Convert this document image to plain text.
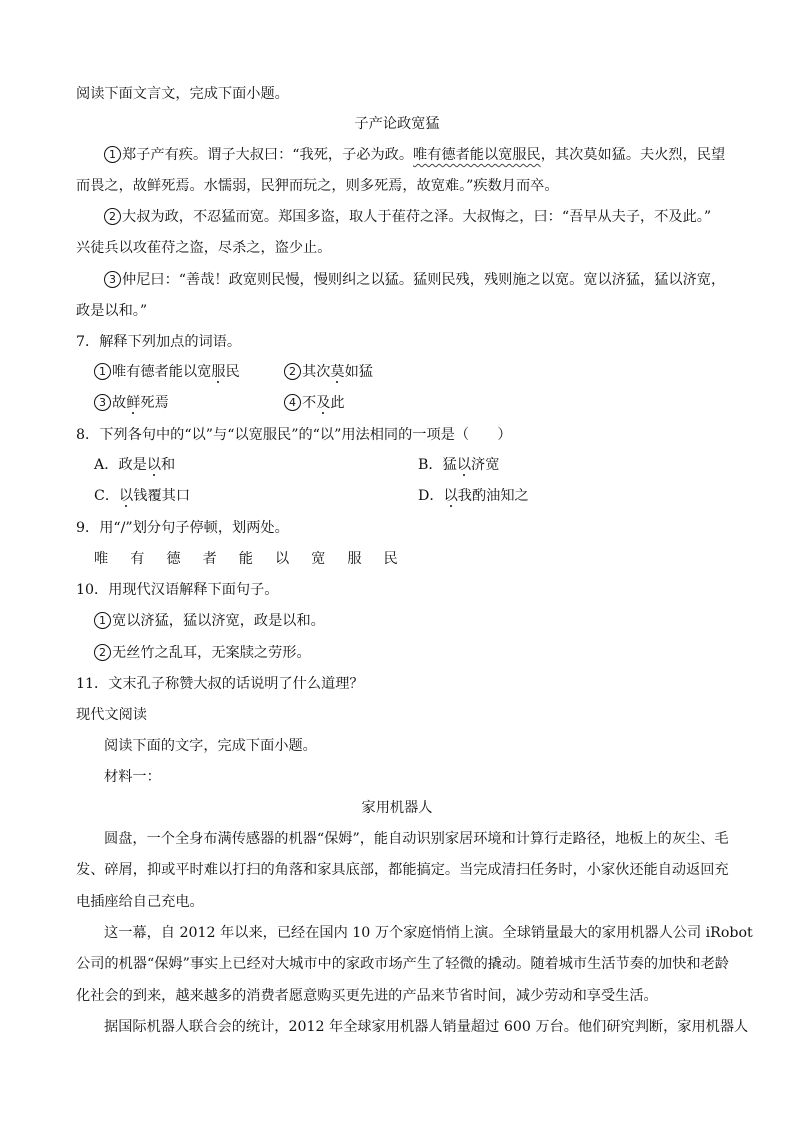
阅读下面文言文，完成下面小题。
子产论政宽猛
1 郑子产有疾。谓子大叔曰：“我死，子必为政。唯有德者能以宽服民，其次莫如猛。夫火烈，民望
而畏之，故鲜死焉。水懦弱，民狎而玩之，则多死焉，故宽难。”疾数月而卒。
2 大叔为政，不忍猛而宽。郑国多盗，取人于萑苻之泽。大叔悔之，曰：“吾早从夫子，不及此。”
兴徒兵以攻萑苻之盗，尽杀之，盗少止。
3 仲尼曰：“善哉！政宽则民慢，慢则纠之以猛。猛则民残，残则施之以宽。宽以济猛，猛以济宽，
政是以和。”
7．解释下列加点的词语。
1 唯有德者能以宽服民	2 其次莫如猛
3 故鲜死焉	4 不及此
8．下列各句中的“以”与“以宽服民”的“以”用法相同的一项是（　　）
A．政是以和	B．猛以济宽
C．以钱覆其口	D．以我酌油知之
9．用“/”划分句子停顿，划两处。
唯有德者能以宽服民
10．用现代汉语解释下面句子。
1 宽以济猛，猛以济宽，政是以和。
2 无丝竹之乱耳，无案牍之劳形。
11．文末孔子称赞大叔的话说明了什么道理？
现代文阅读
阅读下面的文字，完成下面小题。
材料一：
家用机器人
圆盘，一个全身布满传感器的机器“保姆”，能自动识别家居环境和计算行走路径，地板上的灰尘、毛
发、碎屑，抑或平时难以打扫的角落和家具底部，都能搞定。当完成清扫任务时，小家伙还能自动返回充
电插座给自己充电。
这一幕，自 2012 年以来，已经在国内 10 万个家庭悄悄上演。全球销量最大的家用机器人公司 iRobot
公司的机器“保姆”事实上已经对大城市中的家政市场产生了轻微的撬动。随着城市生活节奏的加快和老龄
化社会的到来，越来越多的消费者愿意购买更先进的产品来节省时间，减少劳动和享受生活。
据国际机器人联合会的统计，2012 年全球家用机器人销量超过 600 万台。他们研究判断，家用机器人
